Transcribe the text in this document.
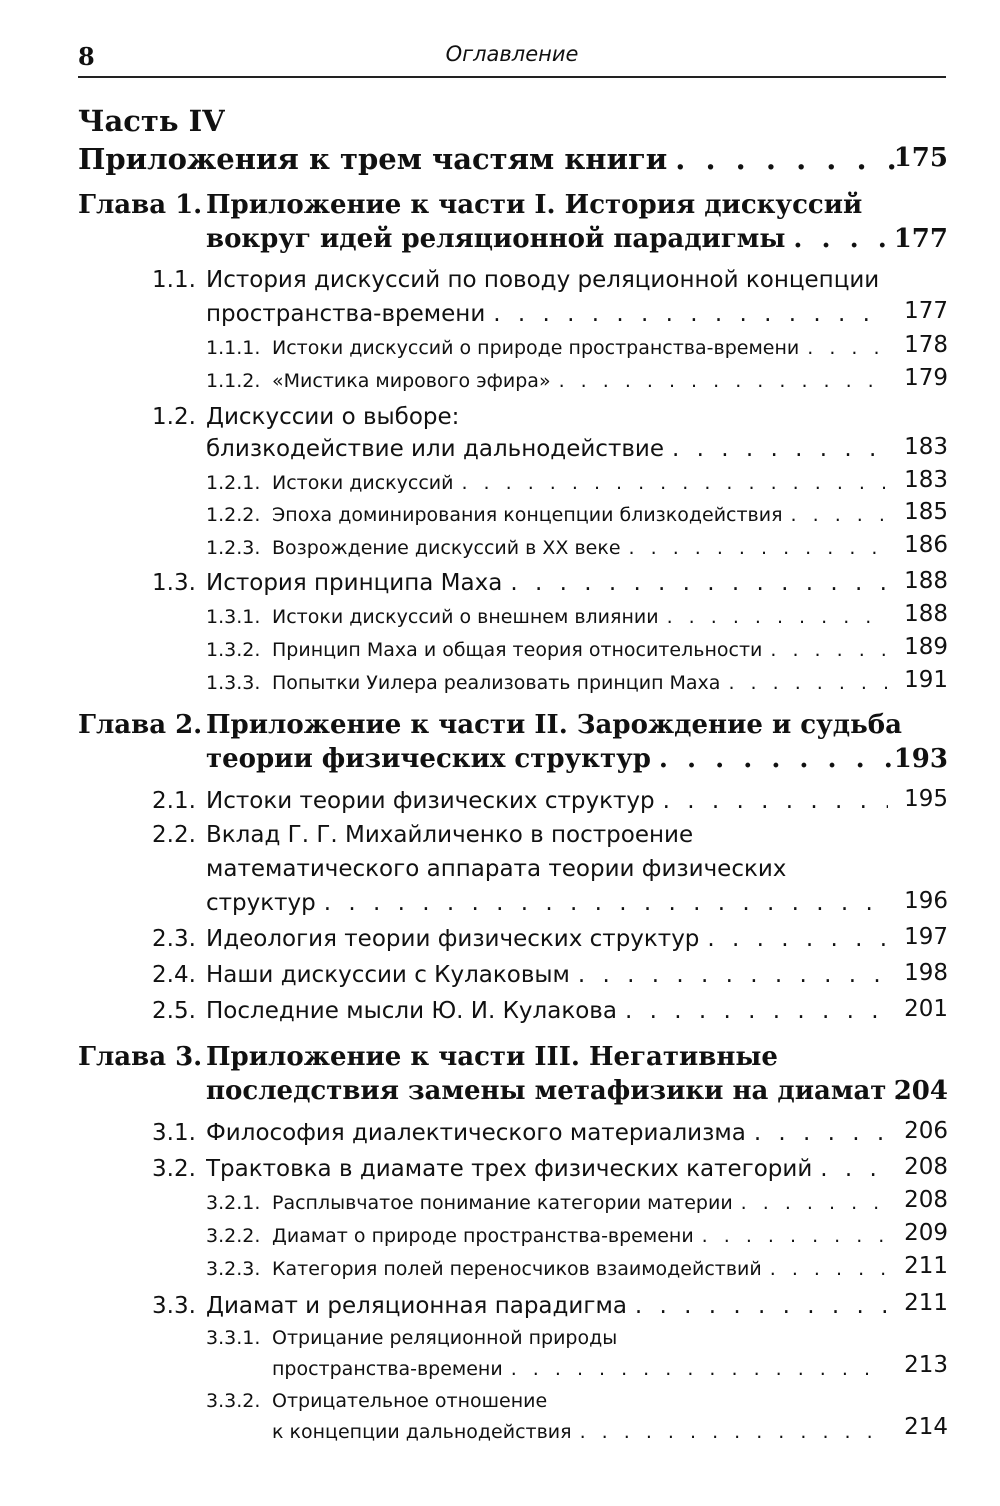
8	Оглавление
Часть IV
Приложения к трем частям книги . . .	175
Глава 1. Приложение к части I. История дискуссий
вокруг идей реляционной парадигмы . . .	177
1.1. История дискуссий по поводу реляционной концепции
пространства-времени . . .	177
1.1.1. Истоки дискуссий о природе пространства-времени . . .	178
1.1.2. «Мистика мирового эфира» . . .	179
1.2. Дискуссии о выборе:
близкодействие или дальнодействие . . .	183
1.2.1. Истоки дискуссий . . .	183
1.2.2. Эпоха доминирования концепции близкодействия . . .	185
1.2.3. Возрождение дискуссий в XX веке . . .	186
1.3. История принципа Маха . . .	188
1.3.1. Истоки дискуссий о внешнем влиянии . . .	188
1.3.2. Принцип Маха и общая теория относительности . . .	189
1.3.3. Попытки Уилера реализовать принцип Маха . . .	191
Глава 2. Приложение к части II. Зарождение и судьба
теории физических структур . . .	193
2.1. Истоки теории физических структур . . .	195
2.2. Вклад Г. Г. Михайличенко в построение
математического аппарата теории физических
структур . . .	196
2.3. Идеология теории физических структур . . .	197
2.4. Наши дискуссии с Кулаковым . . .	198
2.5. Последние мысли Ю. И. Кулакова . . .	201
Глава 3. Приложение к части III. Негативные
последствия замены метафизики на диамат . . . 204
3.1. Философия диалектического материализма . . .	206
3.2. Трактовка в диамате трех физических категорий . . .	208
3.2.1. Расплывчатое понимание категории материи . . .	208
3.2.2. Диамат о природе пространства-времени . . .	209
3.2.3. Категория полей переносчиков взаимодействий . . .	211
3.3. Диамат и реляционная парадигма . . .	211
3.3.1. Отрицание реляционной природы
пространства-времени . . .	213
3.3.2. Отрицательное отношение
к концепции дальнодействия . . .	214
